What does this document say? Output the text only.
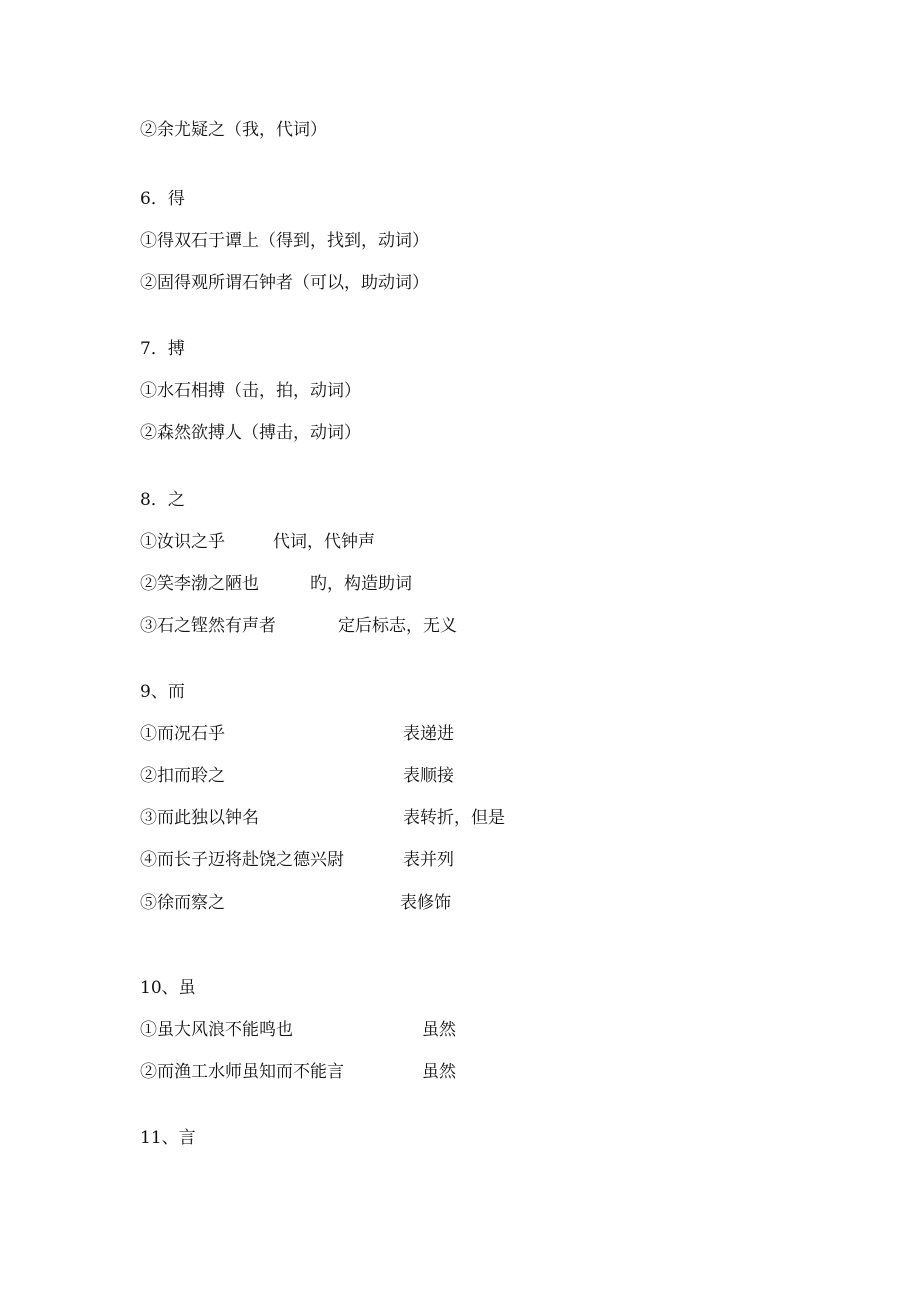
②余尤疑之（我，代词）
6．得
①得双石于谭上（得到，找到，动词）
②固得观所谓石钟者（可以，助动词）
7．搏
①水石相搏（击，拍，动词）
②森然欲搏人（搏击，动词）
8．之
①汝识之乎	代词，代钟声
②笑李渤之陋也	旳，构造助词
③石之铿然有声者	定后标志，无义
9、而
①而况石乎	表递进
②扣而聆之	表顺接
③而此独以钟名	表转折，但是
④而长子迈将赴饶之德兴尉	表并列
⑤徐而察之	表修饰
10、虽
①虽大风浪不能鸣也	虽然
②而渔工水师虽知而不能言	虽然
11、言
